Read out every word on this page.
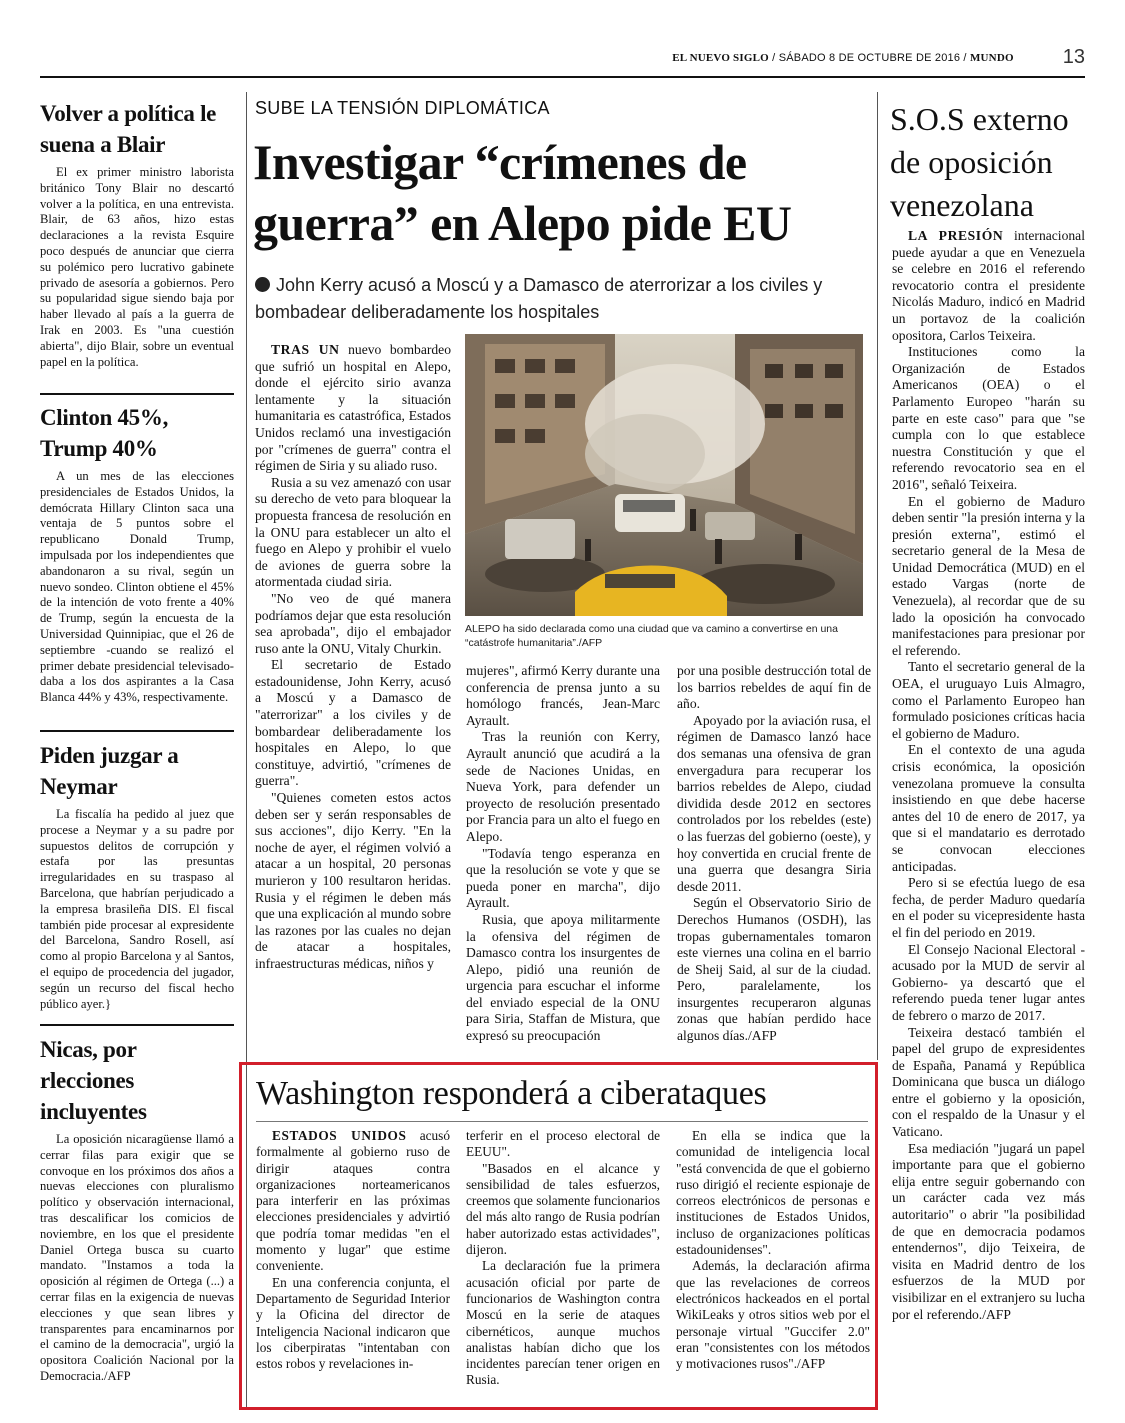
EL NUEVO SIGLO / SÁBADO 8 DE OCTUBRE DE 2016 / MUNDO	13
Volver a política le suena a Blair

El ex primer ministro laborista británico Tony Blair no descartó volver a la política, en una entrevista. Blair, de 63 años, hizo estas declaraciones a la revista Esquire poco después de anunciar que cierra su polémico pero lucrativo gabinete privado de asesoría a gobiernos. Pero su popularidad sigue siendo baja por haber llevado al país a la guerra de Irak en 2003. Es "una cuestión abierta", dijo Blair, sobre un eventual papel en la política.

Clinton 45%, Trump 40%

A un mes de las elecciones presidenciales de Estados Unidos, la demócrata Hillary Clinton saca una ventaja de 5 puntos sobre el republicano Donald Trump, impulsada por los independientes que abandonaron a su rival, según un nuevo sondeo. Clinton obtiene el 45% de la intención de voto frente a 40% de Trump, según la encuesta de la Universidad Quinnipiac, que el 26 de septiembre -cuando se realizó el primer debate presidencial televisado- daba a los dos aspirantes a la Casa Blanca 44% y 43%, respectivamente.

Piden juzgar a Neymar

La fiscalía ha pedido al juez que procese a Neymar y a su padre por supuestos delitos de corrupción y estafa por las presuntas irregularidades en su traspaso al Barcelona, que habrían perjudicado a la empresa brasileña DIS. El fiscal también pide procesar al expresidente del Barcelona, Sandro Rosell, así como al propio Barcelona y al Santos, el equipo de procedencia del jugador, según un recurso del fiscal hecho público ayer.}

Nicas, por rlecciones incluyentes

La oposición nicaragüense llamó a cerrar filas para exigir que se convoque en los próximos dos años a nuevas elecciones con pluralismo político y observación internacional, tras descalificar los comicios de noviembre, en los que el presidente Daniel Ortega busca su cuarto mandato. "Instamos a toda la oposición al régimen de Ortega (...) a cerrar filas en la exigencia de nuevas elecciones y que sean libres y transparentes para encaminarnos por el camino de la democracia", urgió la opositora Coalición Nacional por la Democracia./AFP

SUBE LA TENSIÓN DIPLOMÁTICA
Investigar “crímenes de guerra” en Alepo pide EU
John Kerry acusó a Moscú y a Damasco de aterrorizar a los civiles y bombadear deliberadamente los hospitales

TRAS UN nuevo bombardeo que sufrió un hospital en Alepo, donde el ejército sirio avanza lentamente y la situación humanitaria es catastrófica, Estados Unidos reclamó una investigación por "crímenes de guerra" contra el régimen de Siria y su aliado ruso.

Rusia a su vez amenazó con usar su derecho de veto para bloquear la propuesta francesa de resolución en la ONU para establecer un alto el fuego en Alepo y prohibir el vuelo de aviones de guerra sobre la atormentada ciudad siria.

"No veo de qué manera podríamos dejar que esta resolución sea aprobada", dijo el embajador ruso ante la ONU, Vitaly Churkin.

El secretario de Estado estadounidense, John Kerry, acusó a Moscú y a Damasco de "aterrorizar" a los civiles y de bombardear deliberadamente los hospitales en Alepo, lo que constituye, advirtió, "crímenes de guerra".

"Quienes cometen estos actos deben ser y serán responsables de sus acciones", dijo Kerry. "En la noche de ayer, el régimen volvió a atacar a un hospital, 20 personas murieron y 100 resultaron heridas. Rusia y el régimen le deben más que una explicación al mundo sobre las razones por las cuales no dejan de atacar a hospitales, infraestructuras médicas, niños y

ALEPO ha sido declarada como una ciudad que va camino a convertirse en una “catástrofe humanitaria”./AFP

mujeres", afirmó Kerry durante una conferencia de prensa junto a su homólogo francés, Jean-Marc Ayrault.

Tras la reunión con Kerry, Ayrault anunció que acudirá a la sede de Naciones Unidas, en Nueva York, para defender un proyecto de resolución presentado por Francia para un alto el fuego en Alepo.

"Todavía tengo esperanza en que la resolución se vote y que se pueda poner en marcha", dijo Ayrault.

Rusia, que apoya militarmente la ofensiva del régimen de Damasco contra los insurgentes de Alepo, pidió una reunión de urgencia para escuchar el informe del enviado especial de la ONU para Siria, Staffan de Mistura, que expresó su preocupación

por una posible destrucción total de los barrios rebeldes de aquí fin de año.

Apoyado por la aviación rusa, el régimen de Damasco lanzó hace dos semanas una ofensiva de gran envergadura para recuperar los barrios rebeldes de Alepo, ciudad dividida desde 2012 en sectores controlados por los rebeldes (este) o las fuerzas del gobierno (oeste), y hoy convertida en crucial frente de una guerra que desangra Siria desde 2011.

Según el Observatorio Sirio de Derechos Humanos (OSDH), las tropas gubernamentales tomaron este viernes una colina en el barrio de Sheij Said, al sur de la ciudad. Pero, paralelamente, los insurgentes recuperaron algunas zonas que habían perdido hace algunos días./AFP

S.O.S externo de oposición venezolana

LA PRESIÓN internacional puede ayudar a que en Venezuela se celebre en 2016 el referendo revocatorio contra el presidente Nicolás Maduro, indicó en Madrid un portavoz de la coalición opositora, Carlos Teixeira.

Instituciones como la Organización de Estados Americanos (OEA) o el Parlamento Europeo "harán su parte en este caso" para que "se cumpla con lo que establece nuestra Constitución y que el referendo revocatorio sea en el 2016", señaló Teixeira.

En el gobierno de Maduro deben sentir "la presión interna y la presión externa", estimó el secretario general de la Mesa de Unidad Democrática (MUD) en el estado Vargas (norte de Venezuela), al recordar que de su lado la oposición ha convocado manifestaciones para presionar por el referendo.

Tanto el secretario general de la OEA, el uruguayo Luis Almagro, como el Parlamento Europeo han formulado posiciones críticas hacia el gobierno de Maduro.

En el contexto de una aguda crisis económica, la oposición venezolana promueve la consulta insistiendo en que debe hacerse antes del 10 de enero de 2017, ya que si el mandatario es derrotado se convocan elecciones anticipadas.

Pero si se efectúa luego de esa fecha, de perder Maduro quedaría en el poder su vicepresidente hasta el fin del periodo en 2019.

El Consejo Nacional Electoral -acusado por la MUD de servir al Gobierno- ya descartó que el referendo pueda tener lugar antes de febrero o marzo de 2017.

Teixeira destacó también el papel del grupo de expresidentes de España, Panamá y República Dominicana que busca un diálogo entre el gobierno y la oposición, con el respaldo de la Unasur y el Vaticano.

Esa mediación "jugará un papel importante para que el gobierno elija entre seguir gobernando con un carácter cada vez más autoritario" o abrir "la posibilidad de que en democracia podamos entendernos", dijo Teixeira, de visita en Madrid dentro de los esfuerzos de la MUD por visibilizar en el extranjero su lucha por el referendo./AFP

Washington responderá a ciberataques

ESTADOS UNIDOS acusó formalmente al gobierno ruso de dirigir ataques contra organizaciones norteamericanos para interferir en las próximas elecciones presidenciales y advirtió que podría tomar medidas "en el momento y lugar" que estime conveniente.

En una conferencia conjunta, el Departamento de Seguridad Interior y la Oficina del director de Inteligencia Nacional indicaron que los ciberpiratas "intentaban con estos robos y revelaciones in-

terferir en el proceso electoral de EEUU".

"Basados en el alcance y sensibilidad de tales esfuerzos, creemos que solamente funcionarios del más alto rango de Rusia podrían haber autorizado estas actividades", dijeron.

La declaración fue la primera acusación oficial por parte de funcionarios de Washington contra Moscú en la serie de ataques cibernéticos, aunque muchos analistas habían dicho que los incidentes parecían tener origen en Rusia.

En ella se indica que la comunidad de inteligencia local "está convencida de que el gobierno ruso dirigió el reciente espionaje de correos electrónicos de personas e instituciones de Estados Unidos, incluso de organizaciones políticas estadounidenses".

Además, la declaración afirma que las revelaciones de correos electrónicos hackeados en el portal WikiLeaks y otros sitios web por el personaje virtual "Guccifer 2.0" eran "consistentes con los métodos y motivaciones rusos"./AFP
